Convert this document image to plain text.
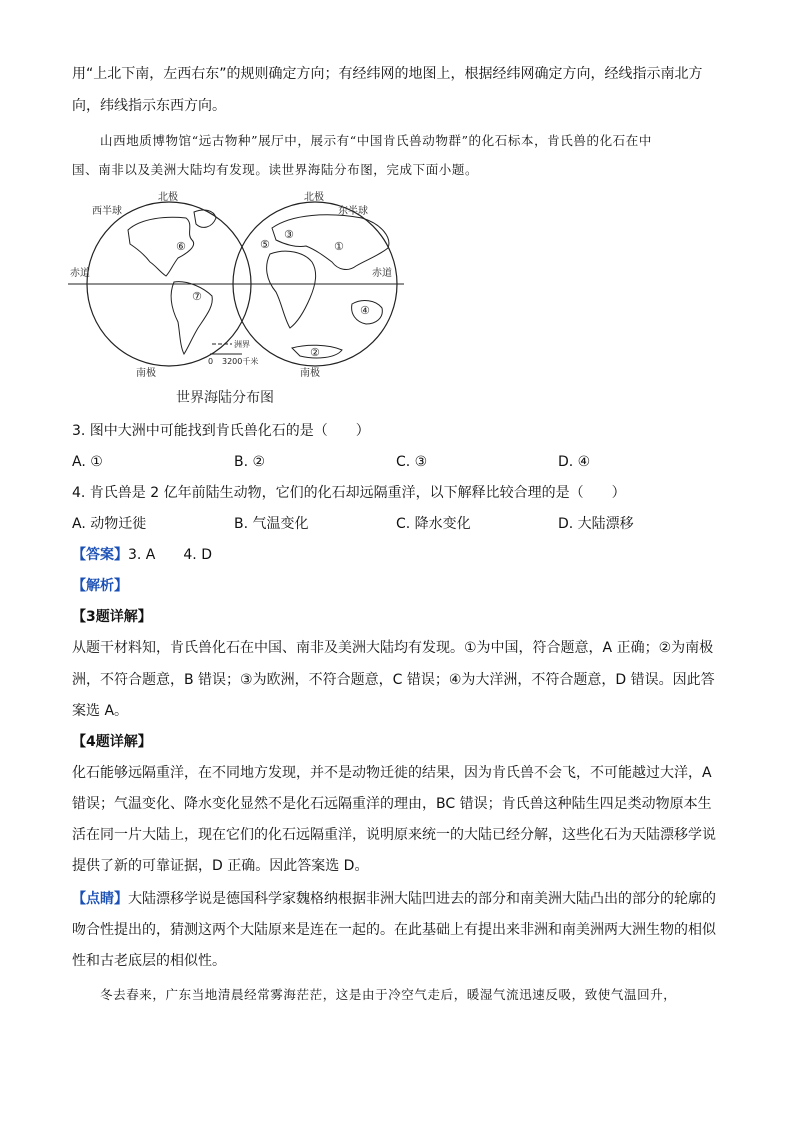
用“上北下南，左西右东”的规则确定方向；有经纬网的地图上，根据经纬网确定方向，经线指示南北方
向，纬线指示东西方向。
山西地质博物馆“远古物种”展厅中，展示有“中国肯氏兽动物群”的化石标本，肯氏兽的化石在中
国、南非以及美洲大陆均有发现。读世界海陆分布图，完成下面小题。
北极	北极
西半球	东半球
赤道	赤道
南极	南极
①
②
③
④
⑤
⑥
⑦
洲界
0 3200千米
世界海陆分布图
3. 图中大洲中可能找到肯氏兽化石的是（　　）
A. ①	B. ②	C. ③	D. ④
4. 肯氏兽是 2 亿年前陆生动物，它们的化石却远隔重洋，以下解释比较合理的是（　　）
A. 动物迁徙	B. 气温变化	C. 降水变化	D. 大陆漂移
【答案】3. A　　4. D
【解析】
【3题详解】
从题干材料知，肯氏兽化石在中国、南非及美洲大陆均有发现。①为中国，符合题意，A 正确；②为南极
洲，不符合题意，B 错误；③为欧洲，不符合题意，C 错误；④为大洋洲，不符合题意，D 错误。因此答
案选 A。
【4题详解】
化石能够远隔重洋，在不同地方发现，并不是动物迁徙的结果，因为肯氏兽不会飞，不可能越过大洋，A
错误；气温变化、降水变化显然不是化石远隔重洋的理由，BC 错误；肯氏兽这种陆生四足类动物原本生
活在同一片大陆上，现在它们的化石远隔重洋，说明原来统一的大陆已经分解，这些化石为天陆漂移学说
提供了新的可靠证据，D 正确。因此答案选 D。
【点睛】大陆漂移学说是德国科学家魏格纳根据非洲大陆凹进去的部分和南美洲大陆凸出的部分的轮廓的
吻合性提出的，猜测这两个大陆原来是连在一起的。在此基础上有提出来非洲和南美洲两大洲生物的相似
性和古老底层的相似性。
冬去春来，广东当地清晨经常雾海茫茫，这是由于冷空气走后，暖湿气流迅速反吸，致使气温回升，
